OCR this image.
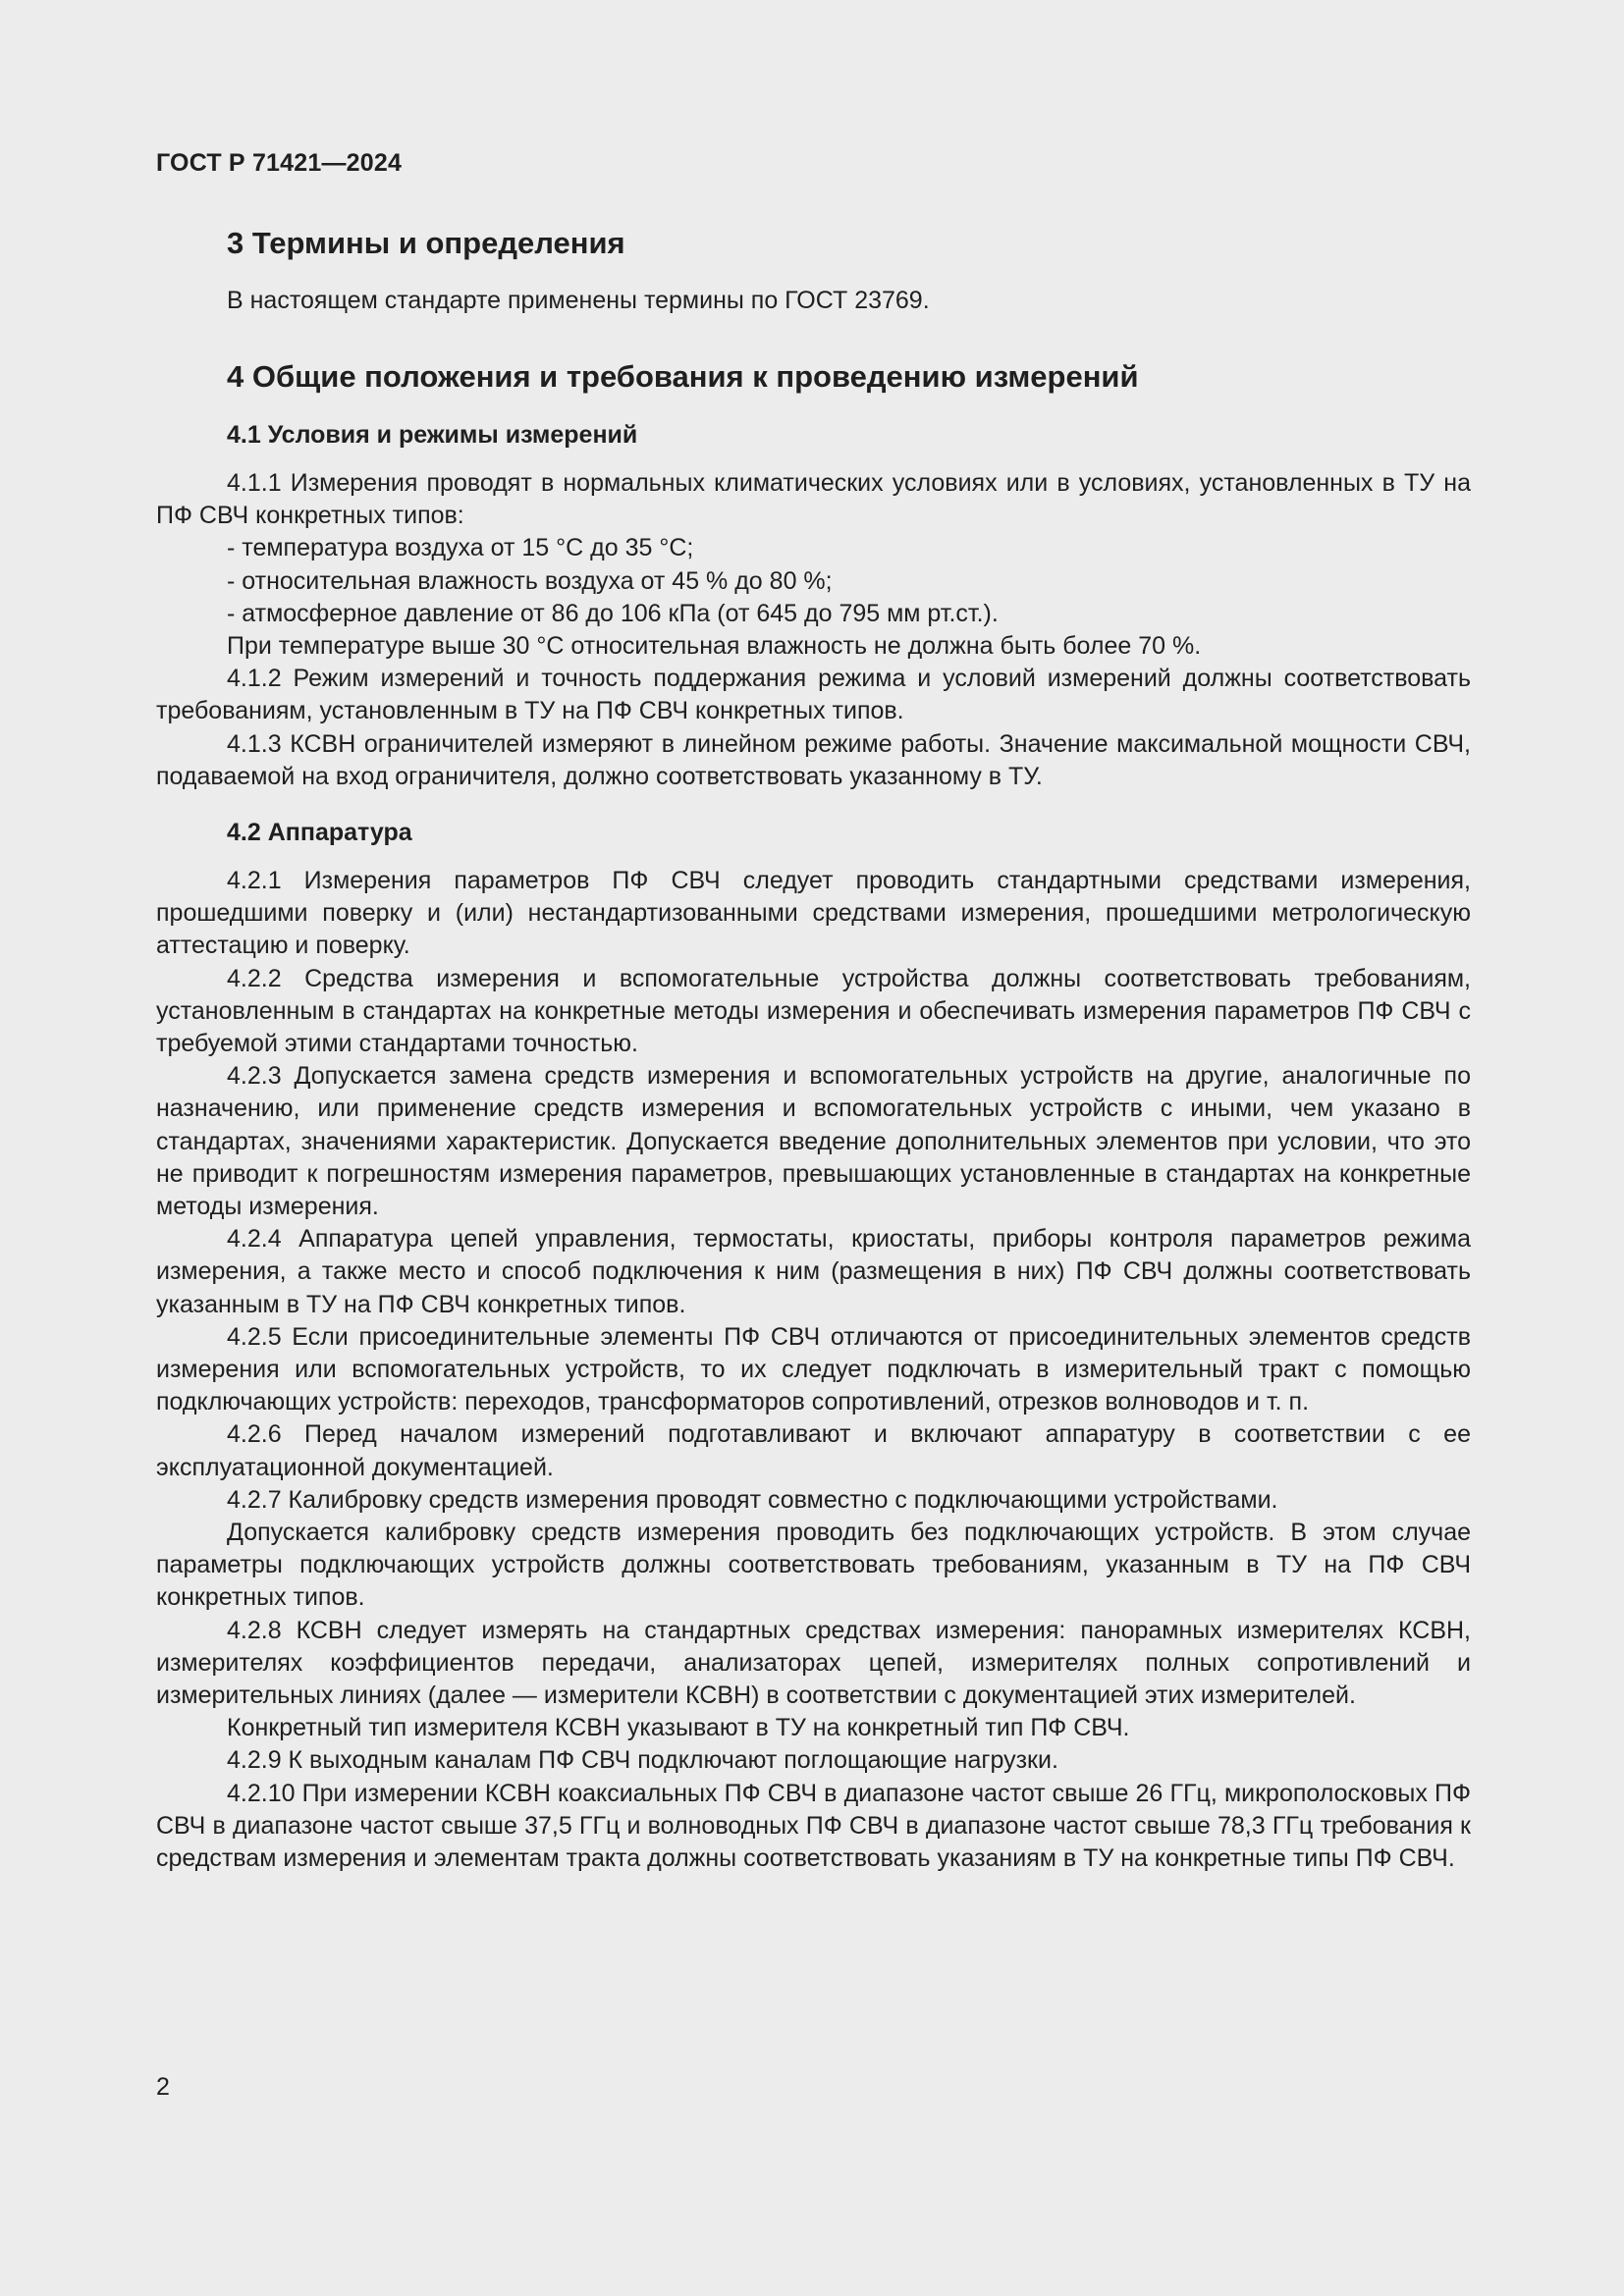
ГОСТ Р 71421—2024
3 Термины и определения
В настоящем стандарте применены термины по ГОСТ 23769.
4 Общие положения и требования к проведению измерений
4.1 Условия и режимы измерений

4.1.1 Измерения проводят в нормальных климатических условиях или в условиях, установленных в ТУ на ПФ СВЧ конкретных типов:

- температура воздуха от 15 °С до 35 °С;

- относительная влажность воздуха от 45 % до 80 %;

- атмосферное давление от 86 до 106 кПа (от 645 до 795 мм рт.ст.).

При температуре выше 30 °С относительная влажность не должна быть более 70 %.

4.1.2 Режим измерений и точность поддержания режима и условий измерений должны соответствовать требованиям, установленным в ТУ на ПФ СВЧ конкретных типов.

4.1.3 КСВН ограничителей измеряют в линейном режиме работы. Значение максимальной мощности СВЧ, подаваемой на вход ограничителя, должно соответствовать указанному в ТУ.

4.2 Аппаратура

4.2.1 Измерения параметров ПФ СВЧ следует проводить стандартными средствами измерения, прошедшими поверку и (или) нестандартизованными средствами измерения, прошедшими метрологическую аттестацию и поверку.

4.2.2 Средства измерения и вспомогательные устройства должны соответствовать требованиям, установленным в стандартах на конкретные методы измерения и обеспечивать измерения параметров ПФ СВЧ с требуемой этими стандартами точностью.

4.2.3 Допускается замена средств измерения и вспомогательных устройств на другие, аналогичные по назначению, или применение средств измерения и вспомогательных устройств с иными, чем указано в стандартах, значениями характеристик. Допускается введение дополнительных элементов при условии, что это не приводит к погрешностям измерения параметров, превышающих установленные в стандартах на конкретные методы измерения.

4.2.4 Аппаратура цепей управления, термостаты, криостаты, приборы контроля параметров режима измерения, а также место и способ подключения к ним (размещения в них) ПФ СВЧ должны соответствовать указанным в ТУ на ПФ СВЧ конкретных типов.

4.2.5 Если присоединительные элементы ПФ СВЧ отличаются от присоединительных элементов средств измерения или вспомогательных устройств, то их следует подключать в измерительный тракт с помощью подключающих устройств: переходов, трансформаторов сопротивлений, отрезков волноводов и т. п.

4.2.6 Перед началом измерений подготавливают и включают аппаратуру в соответствии с ее эксплуатационной документацией.

4.2.7 Калибровку средств измерения проводят совместно с подключающими устройствами.

Допускается калибровку средств измерения проводить без подключающих устройств. В этом случае параметры подключающих устройств должны соответствовать требованиям, указанным в ТУ на ПФ СВЧ конкретных типов.

4.2.8 КСВН следует измерять на стандартных средствах измерения: панорамных измерителях КСВН, измерителях коэффициентов передачи, анализаторах цепей, измерителях полных сопротивлений и измерительных линиях (далее — измерители КСВН) в соответствии с документацией этих измерителей.

Конкретный тип измерителя КСВН указывают в ТУ на конкретный тип ПФ СВЧ.

4.2.9 К выходным каналам ПФ СВЧ подключают поглощающие нагрузки.

4.2.10 При измерении КСВН коаксиальных ПФ СВЧ в диапазоне частот свыше 26 ГГц, микрополосковых ПФ СВЧ в диапазоне частот свыше 37,5 ГГц и волноводных ПФ СВЧ в диапазоне частот свыше 78,3 ГГц требования к средствам измерения и элементам тракта должны соответствовать указаниям в ТУ на конкретные типы ПФ СВЧ.

2
